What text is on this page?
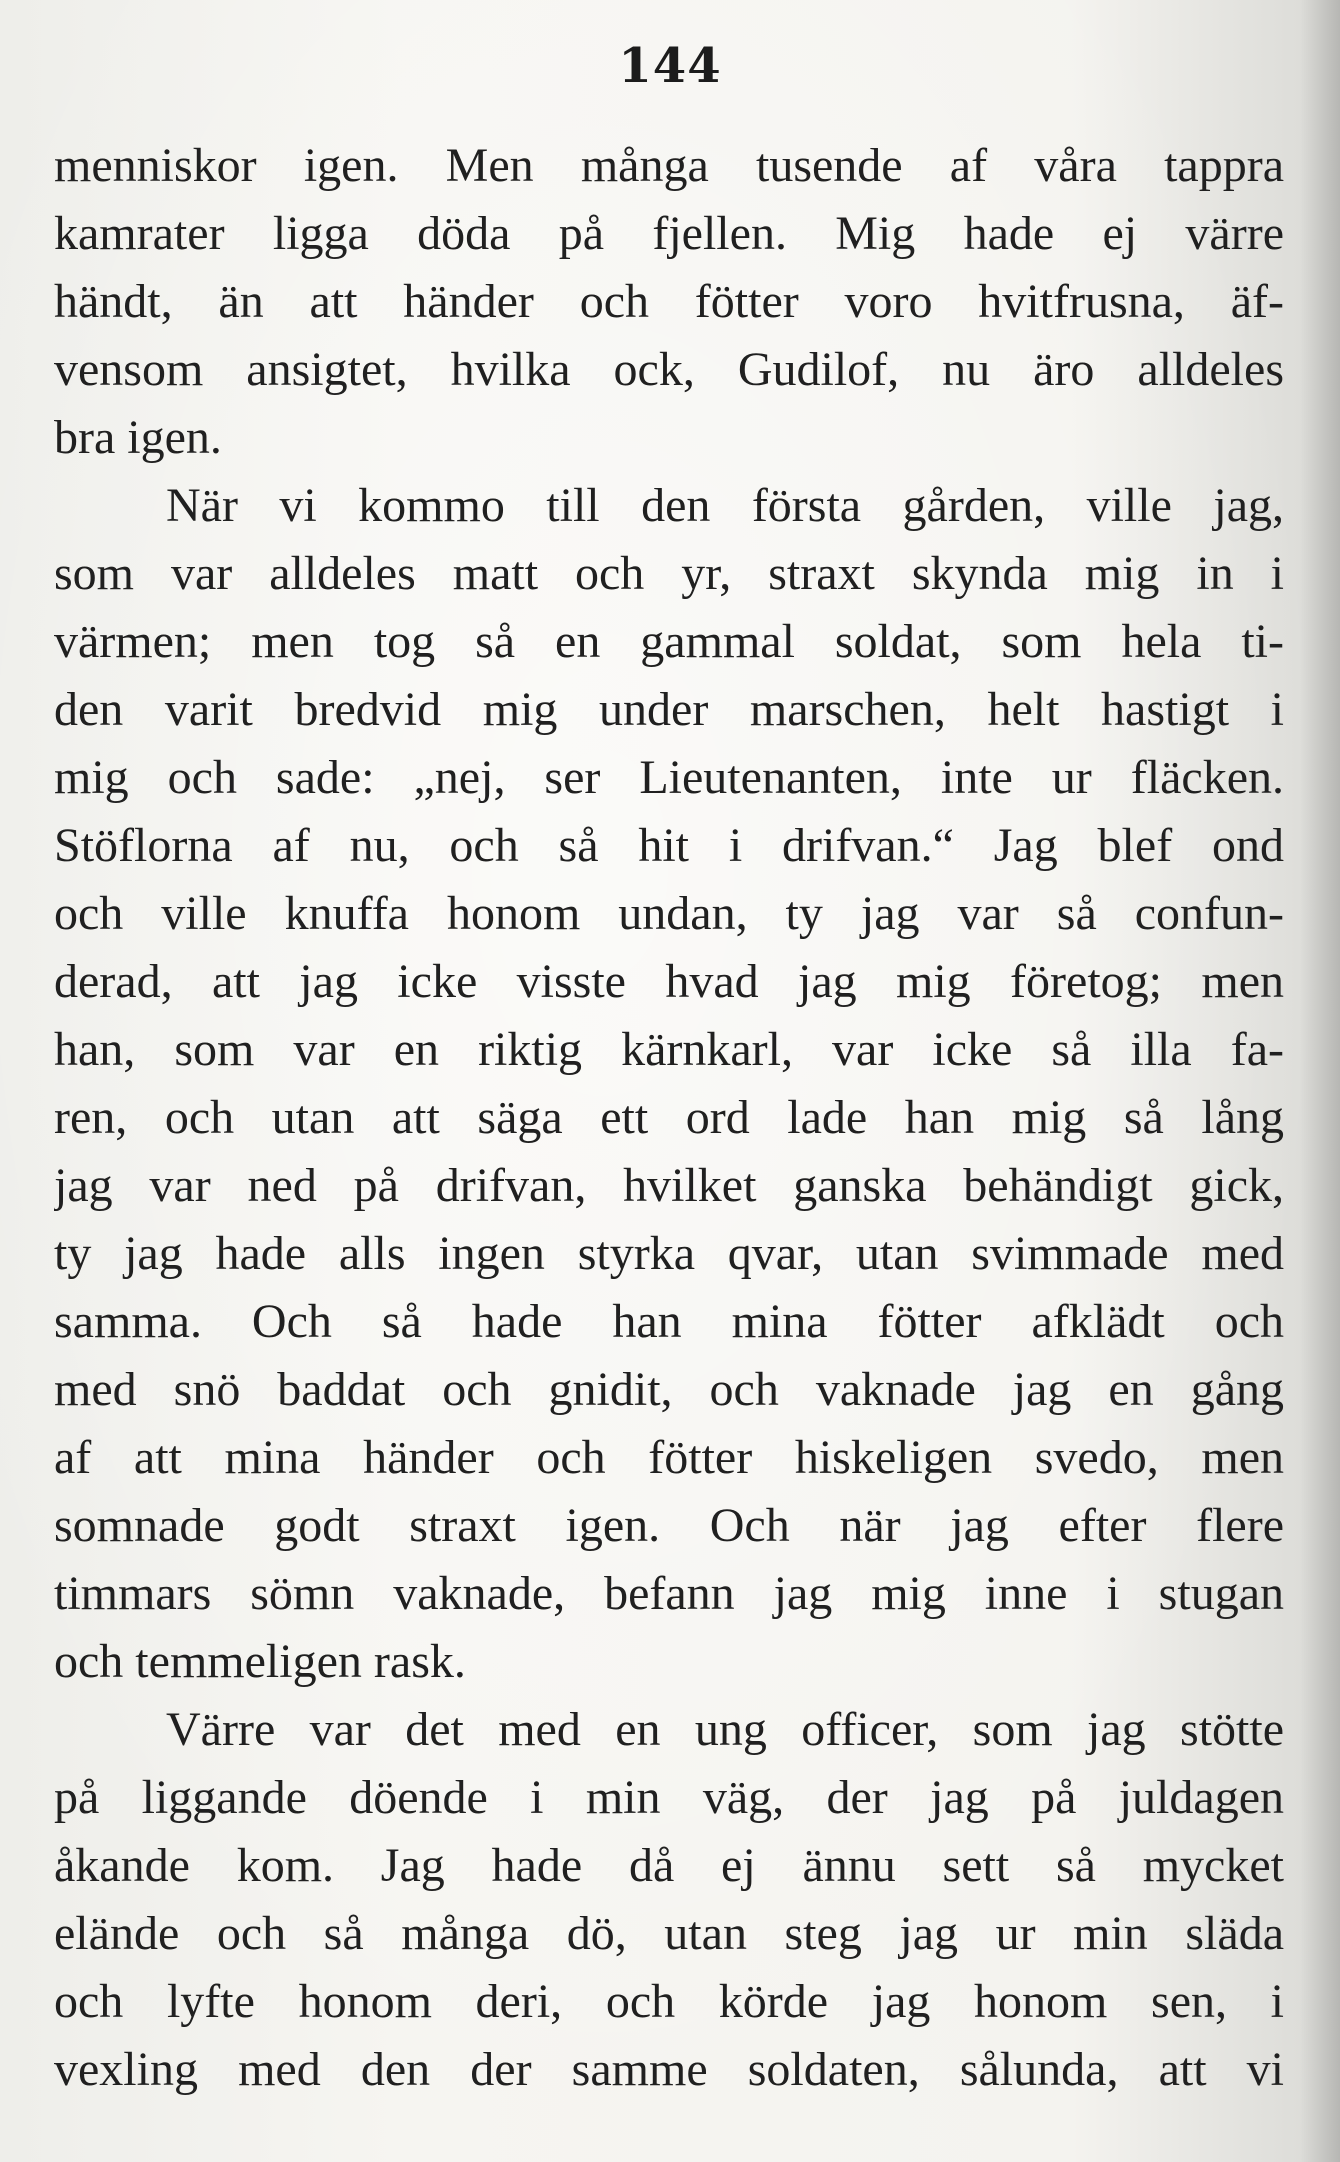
144
menniskor igen. Men många tusende af våra tappra
kamrater ligga döda på fjellen. Mig hade ej värre
händt, än att händer och fötter voro hvitfrusna, äf-
vensom ansigtet, hvilka ock, Gudilof, nu äro alldeles
bra igen.
När vi kommo till den första gården, ville jag,
som var alldeles matt och yr, straxt skynda mig in i
värmen; men tog så en gammal soldat, som hela ti-
den varit bredvid mig under marschen, helt hastigt i
mig och sade: „nej, ser Lieutenanten, inte ur fläcken.
Stöflorna af nu, och så hit i drifvan.“ Jag blef ond
och ville knuffa honom undan, ty jag var så confun-
derad, att jag icke visste hvad jag mig företog; men
han, som var en riktig kärnkarl, var icke så illa fa-
ren, och utan att säga ett ord lade han mig så lång
jag var ned på drifvan, hvilket ganska behändigt gick,
ty jag hade alls ingen styrka qvar, utan svimmade med
samma. Och så hade han mina fötter afklädt och
med snö baddat och gnidit, och vaknade jag en gång
af att mina händer och fötter hiskeligen svedo, men
somnade godt straxt igen. Och när jag efter flere
timmars sömn vaknade, befann jag mig inne i stugan
och temmeligen rask.
Värre var det med en ung officer, som jag stötte
på liggande döende i min väg, der jag på juldagen
åkande kom. Jag hade då ej ännu sett så mycket
elände och så många dö, utan steg jag ur min släda
och lyfte honom deri, och körde jag honom sen, i
vexling med den der samme soldaten, sålunda, att vi
